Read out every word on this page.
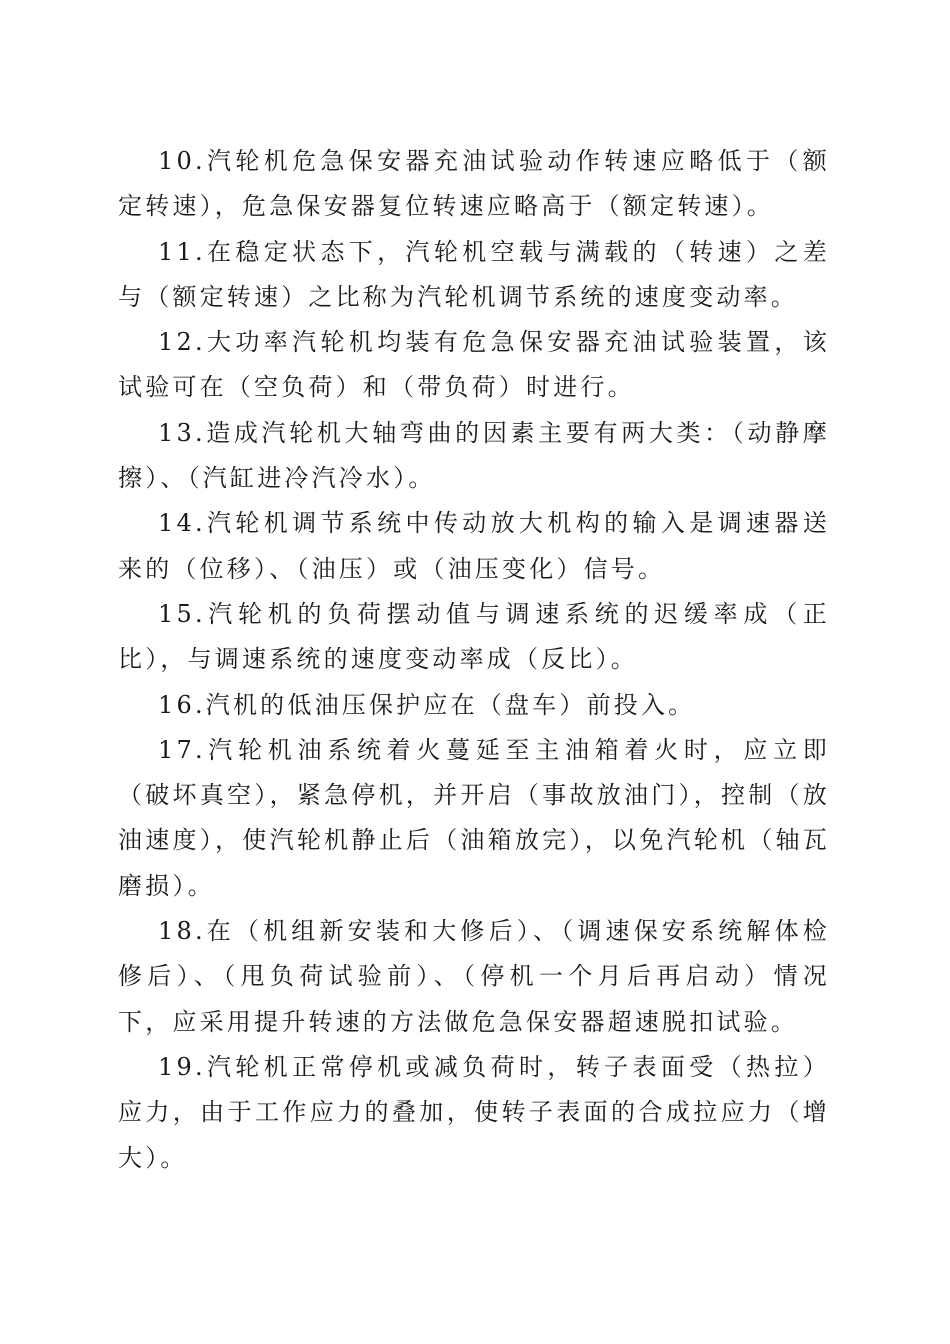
10.汽轮机危急保安器充油试验动作转速应略低于（额定转速），危急保安器复位转速应略高于（额定转速）。

11.在稳定状态下，汽轮机空载与满载的（转速）之差与（额定转速）之比称为汽轮机调节系统的速度变动率。

12.大功率汽轮机均装有危急保安器充油试验装置，该试验可在（空负荷）和（带负荷）时进行。

13.造成汽轮机大轴弯曲的因素主要有两大类：（动静摩擦）、（汽缸进冷汽冷水）。

14.汽轮机调节系统中传动放大机构的输入是调速器送来的（位移）、（油压）或（油压变化）信号。

15.汽轮机的负荷摆动值与调速系统的迟缓率成（正比），与调速系统的速度变动率成（反比）。

16.汽机的低油压保护应在（盘车）前投入。

17.汽轮机油系统着火蔓延至主油箱着火时，应立即（破坏真空），紧急停机，并开启（事故放油门），控制（放油速度），使汽轮机静止后（油箱放完），以免汽轮机（轴瓦磨损）。

18.在（机组新安装和大修后）、（调速保安系统解体检修后）、（甩负荷试验前）、（停机一个月后再启动）情况下，应采用提升转速的方法做危急保安器超速脱扣试验。

19.汽轮机正常停机或减负荷时，转子表面受（热拉）应力，由于工作应力的叠加，使转子表面的合成拉应力（增大）。
